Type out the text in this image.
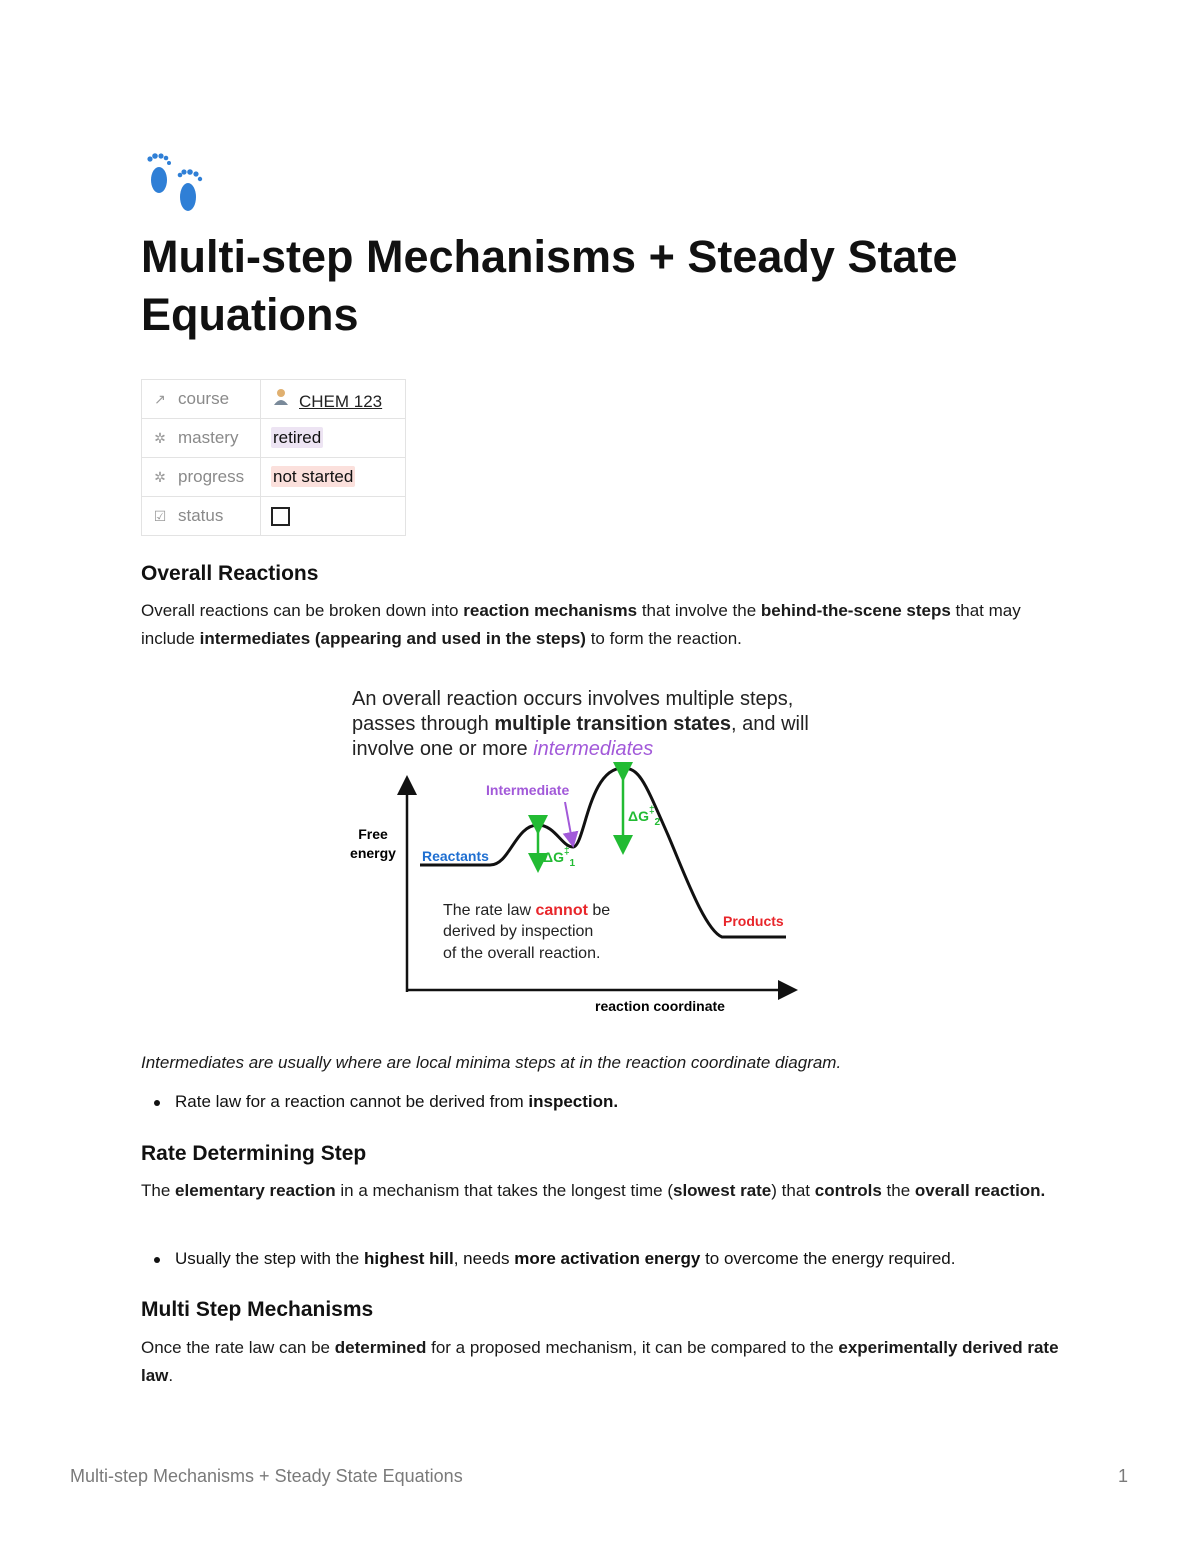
Multi-step Mechanisms + Steady State Equations
↗ course	CHEM 123
✲ mastery	retired
✲ progress	not started
☑ status	
Overall Reactions

Overall reactions can be broken down into reaction mechanisms that involve the behind-the-scene steps that may include intermediates (appearing and used in the steps) to form the reaction.

An overall reaction occurs involves multiple steps,
passes through multiple transition states, and will
involve one or more intermediates
Free
energy
reaction coordinate
Reactants
Intermediate
Products
$\Delta G^\ddagger_1$
$\Delta G^\ddagger_2$
The rate law cannot be
derived by inspection
of the overall reaction.

Intermediates are usually where are local minima steps at in the reaction coordinate diagram.

Rate law for a reaction cannot be derived from inspection.
Rate Determining Step

The elementary reaction in a mechanism that takes the longest time (slowest rate) that controls the overall reaction.

Usually the step with the highest hill, needs more activation energy to overcome the energy required.
Multi Step Mechanisms

Once the rate law can be determined for a proposed mechanism, it can be compared to the experimentally derived rate law.

Multi-step Mechanisms + Steady State Equations	1
